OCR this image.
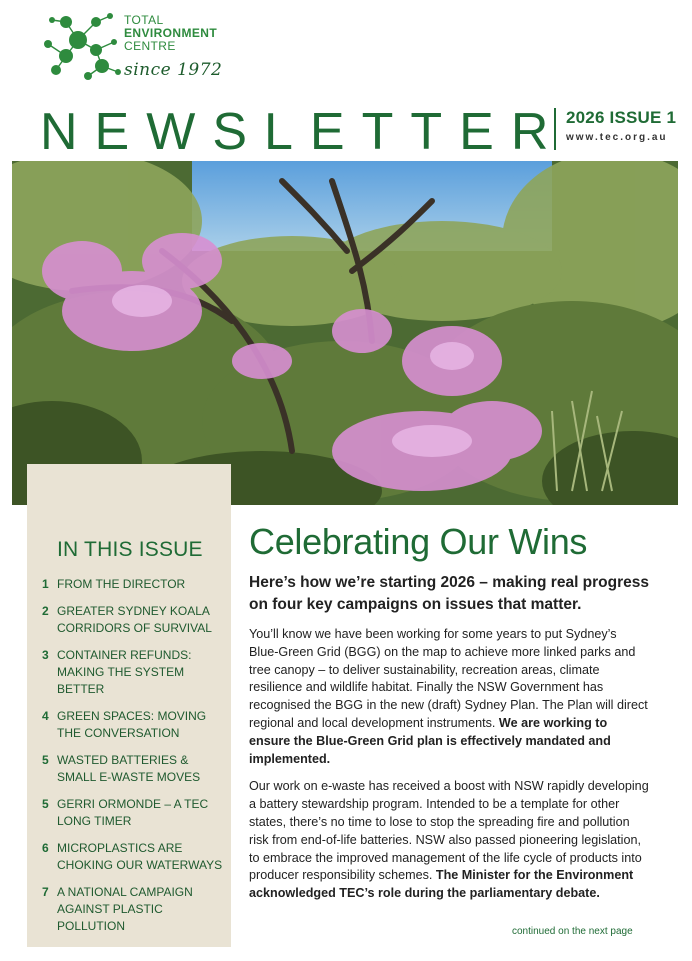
TOTAL
ENVIRONMENT
CENTRE
since 1972
NEWSLETTER 2026 ISSUE 1
www.tec.org.au
IN THIS ISSUE
1 FROM THE DIRECTOR
2 GREATER SYDNEY KOALA CORRIDORS OF SURVIVAL
3 CONTAINER REFUNDS: MAKING THE SYSTEM BETTER
4 GREEN SPACES: MOVING THE CONVERSATION
5 WASTED BATTERIES & SMALL E-WASTE MOVES
5 GERRI ORMONDE – A TEC LONG TIMER
6 MICROPLASTICS ARE CHOKING OUR WATERWAYS
7 A NATIONAL CAMPAIGN AGAINST PLASTIC POLLUTION
Celebrating Our Wins

Here’s how we’re starting 2026 – making real progress on four key campaigns on issues that matter.

You’ll know we have been working for some years to put Sydney’s Blue-Green Grid (BGG) on the map to achieve more linked parks and tree canopy – to deliver sustainability, recreation areas, climate resilience and wildlife habitat. Finally the NSW Government has recognised the BGG in the new (draft) Sydney Plan. The Plan will direct regional and local development instruments. We are working to ensure the Blue-Green Grid plan is effectively mandated and implemented.

Our work on e-waste has received a boost with NSW rapidly developing a battery stewardship program. Intended to be a template for other states, there’s no time to lose to stop the spreading fire and pollution risk from end-of-life batteries. NSW also passed pioneering legislation, to embrace the improved management of the life cycle of products into producer responsibility schemes. The Minister for the Environment acknowledged TEC’s role during the parliamentary debate.

continued on the next page
